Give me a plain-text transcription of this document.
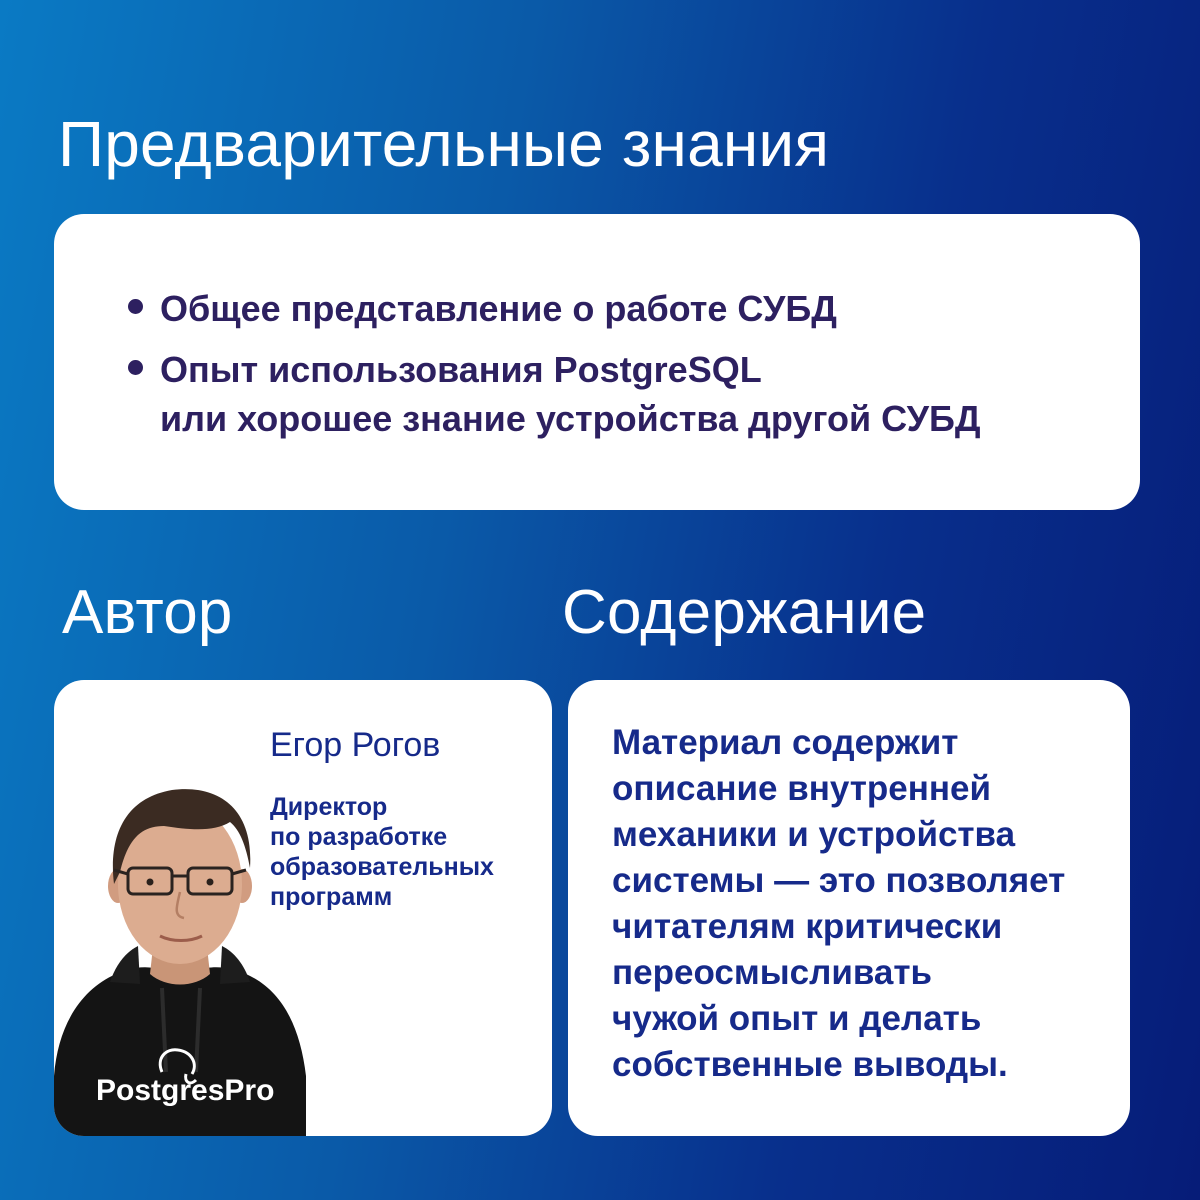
Предварительные знания
Общее представление о работе СУБД
Опыт использования PostgreSQL
или хорошее знание устройства другой СУБД
Автор	Содержание
PostgresPro

Егор Рогов

Директор
по разработке
образовательных
программ

Материал содержит
описание внутренней
механики и устройства
системы — это позволяет
читателям критически
переосмысливать
чужой опыт и делать
собственные выводы.
